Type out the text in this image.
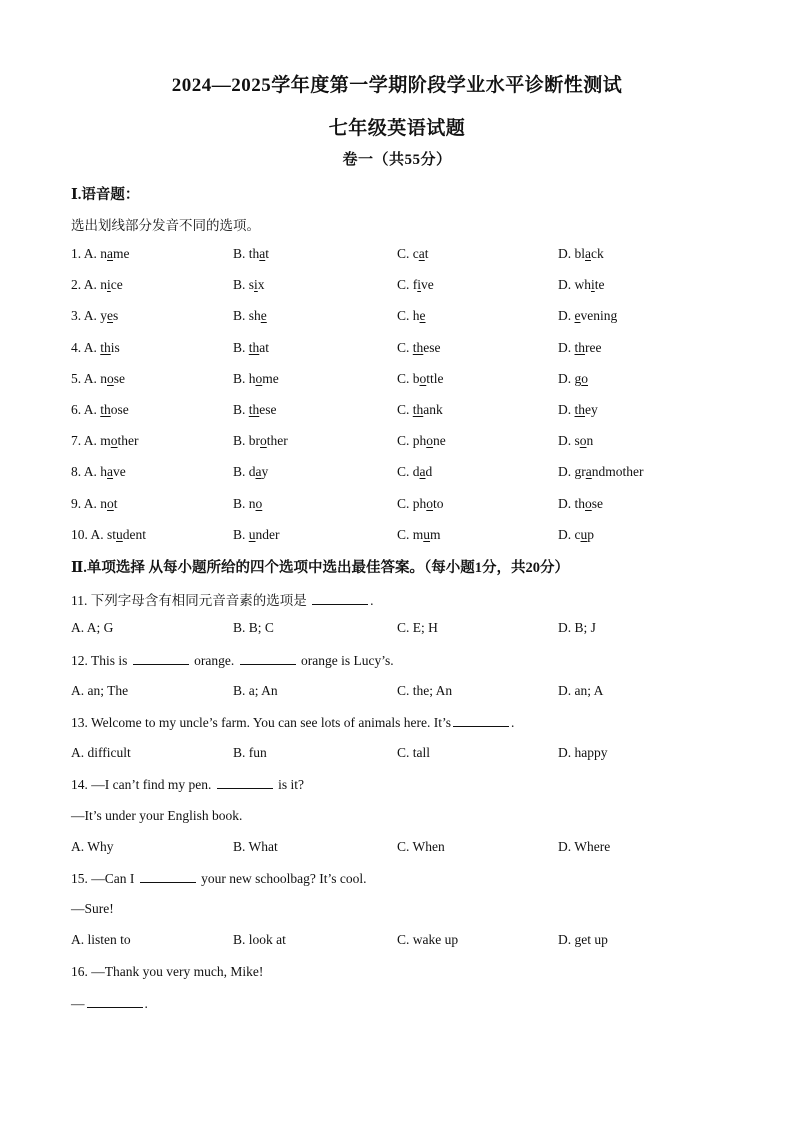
2024—2025学年度第一学期阶段学业水平诊断性测试
七年级英语试题
卷一（共55分）
Ⅰ.语音题：
选出划线部分发音不同的选项。
1. A. name	B. that	C. cat	D. black
2. A. nice	B. six	C. five	D. white
3. A. yes	B. she	C. he	D. evening
4. A. this	B. that	C. these	D. three
5. A. nose	B. home	C. bottle	D. go
6. A. those	B. these	C. thank	D. they
7. A. mother	B. brother	C. phone	D. son
8. A. have	B. day	C. dad	D. grandmother
9. A. not	B. no	C. photo	D. those
10. A. student	B. under	C. mum	D. cup
Ⅱ.单项选择 从每小题所给的四个选项中选出最佳答案。（每小题1分，共20分）
11. 下列字母含有相同元音音素的选项是	.
A. A; G	B. B; C	C. E; H	D. B; J
12. This is	orange.	orange is Lucy’s.
A. an; The	B. a; An	C. the; An	D. an; A
13. Welcome to my uncle’s farm. You can see lots of animals here. It’s	.
A. difficult	B. fun	C. tall	D. happy
14. —I can’t find my pen.	is it?
—It’s under your English book.
A. Why	B. What	C. When	D. Where
15. —Can I	your new schoolbag? It’s cool.
—Sure!
A. listen to	B. look at	C. wake up	D. get up
16. —Thank you very much, Mike!
—	.
